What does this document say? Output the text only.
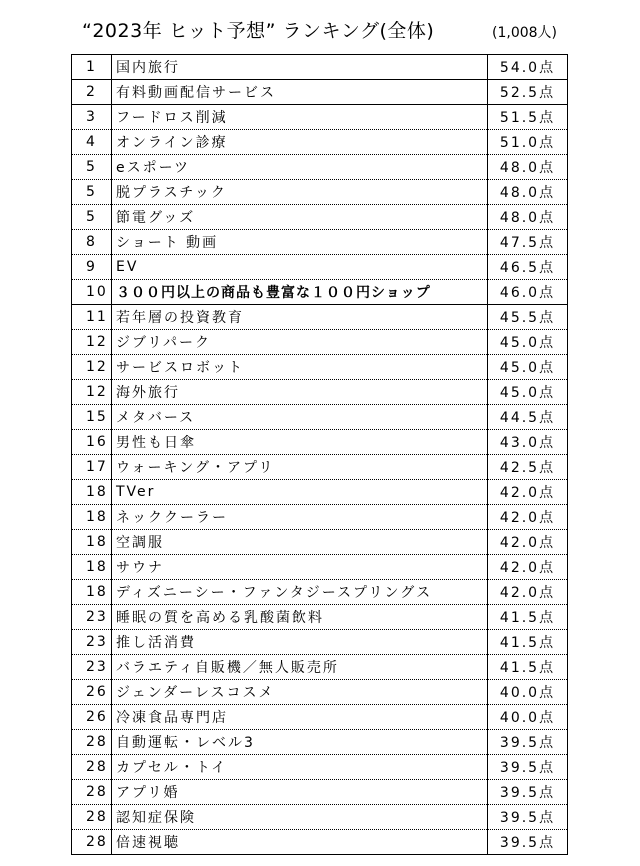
“2023年 ヒット予想” ランキング(全体)	(1,008人)
1	国内旅行	54.0点
2	有料動画配信サービス	52.5点
3	フードロス削減	51.5点
4	オンライン診療	51.0点
5	eスポーツ	48.0点
5	脱プラスチック	48.0点
5	節電グッズ	48.0点
8	ショート 動画	47.5点
9	EV	46.5点
10	３００円以上の商品も豊富な１００円ショップ	46.0点
11	若年層の投資教育	45.5点
12	ジブリパーク	45.0点
12	サービスロボット	45.0点
12	海外旅行	45.0点
15	メタバース	44.5点
16	男性も日傘	43.0点
17	ウォーキング・アプリ	42.5点
18	TVer	42.0点
18	ネッククーラー	42.0点
18	空調服	42.0点
18	サウナ	42.0点
18	ディズニーシー・ファンタジースプリングス	42.0点
23	睡眠の質を高める乳酸菌飲料	41.5点
23	推し活消費	41.5点
23	バラエティ自販機／無人販売所	41.5点
26	ジェンダーレスコスメ	40.0点
26	冷凍食品専門店	40.0点
28	自動運転・レベル3	39.5点
28	カプセル・トイ	39.5点
28	アプリ婚	39.5点
28	認知症保険	39.5点
28	倍速視聴	39.5点
